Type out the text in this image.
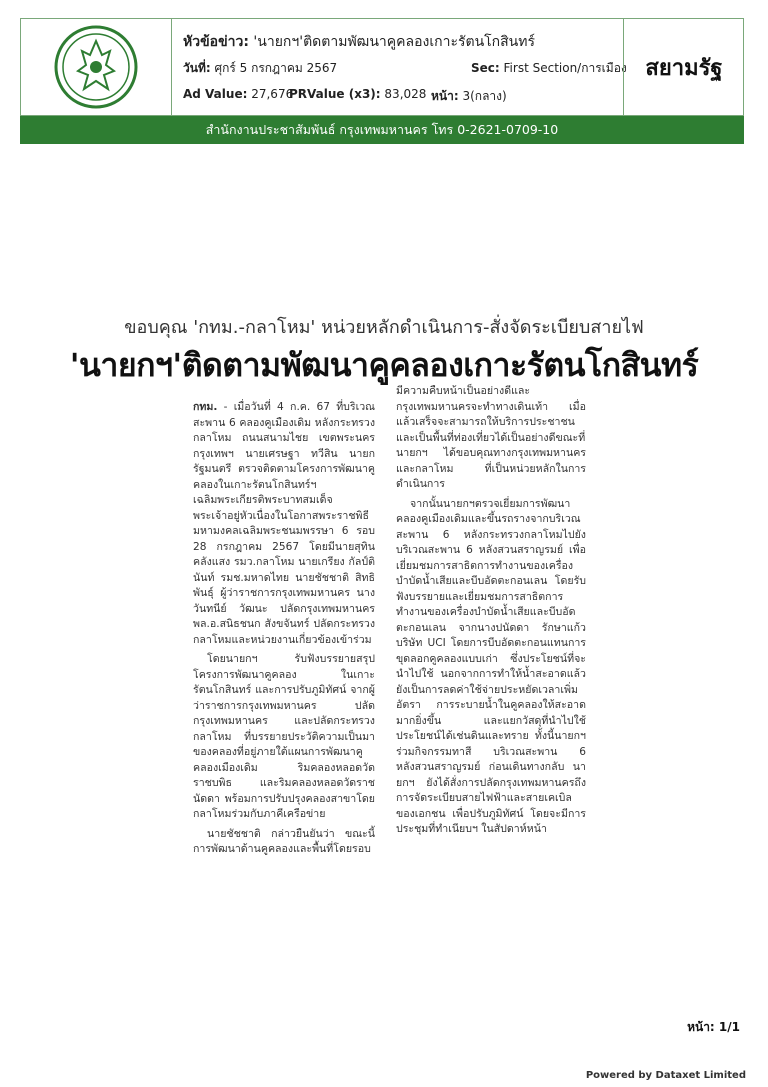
หัวข้อข่าว: 'นายกฯ'ติดตามพัฒนาคูคลองเกาะรัตนโกสินทร์
วันที่: ศุกร์ 5 กรกฎาคม 2567	Sec: First Section/การเมือง
Ad Value: 27,676
PRValue (x3): 83,028 หน้า: 3(กลาง)
สยามรัฐ
สำนักงานประชาสัมพันธ์ กรุงเทพมหานคร โทร 0-2621-0709-10
ขอบคุณ 'กทม.-กลาโหม' หน่วยหลักดำเนินการ-สั่งจัดระเบียบสายไฟ
'นายกฯ'ติดตามพัฒนาคูคลองเกาะรัตนโกสินทร์

กทม. - เมื่อวันที่ 4 ก.ค. 67 ที่บริเวณสะพาน 6 คลองคูเมืองเดิม หลังกระทรวงกลาโหม ถนนสนามไชย เขตพระนคร กรุงเทพฯ นายเศรษฐา ทวีสิน นายกรัฐมนตรี ตรวจติดตามโครงการพัฒนาคู คลองในเกาะรัตนโกสินทร์ฯ เฉลิมพระเกียรติพระบาทสมเด็จพระเจ้าอยู่หัวเนื่องในโอกาสพระราชพิธีมหามงคลเฉลิมพระชนมพรรษา 6 รอบ 28 กรกฎาคม 2567 โดยมีนายสุทิน คลังแสง รมว.กลาโหม นายเกรียง กัลป์ตินันท์ รมช.มหาดไทย นายชัชชาติ สิทธิพันธุ์ ผู้ว่าราชการกรุงเทพมหานคร นางวันทนีย์ วัฒนะ ปลัดกรุงเทพมหานคร พล.อ.สนิธชนก สังขจันทร์ ปลัดกระทรวงกลาโหมและหน่วยงานเกี่ยวข้องเข้าร่วม

โดยนายกฯ รับฟังบรรยายสรุปโครงการพัฒนาคูคลอง ในเกาะรัตนโกสินทร์ และการปรับภูมิทัศน์ จากผู้ว่าราชการกรุงเทพมหานคร ปลัดกรุงเทพมหานคร และปลัดกระทรวงกลาโหม ที่บรรยายประวัติความเป็นมาของคลองที่อยู่ภายใต้แผนการพัฒนาคูคลองเมืองเดิม ริมคลองหลอดวัดราชบพิธ และริมคลองหลอดวัดราชนัดดา พร้อมการปรับปรุงคลองสาขาโดยกลาโหมร่วมกับภาคีเครือข่าย

นายชัชชาติ กล่าวยืนยันว่า ขณะนี้การพัฒนาด้านคูคลองและพื้นที่โดยรอบ

มีความคืบหน้าเป็นอย่างดีและกรุงเทพมหานครจะทำทางเดินเท้า เมื่อแล้วเสร็จจะสามารถให้บริการประชาชนและเป็นพื้นที่ท่องเที่ยวได้เป็นอย่างดีขณะที่นายกฯ ได้ขอบคุณทางกรุงเทพมหานคร และกลาโหม ที่เป็นหน่วยหลักในการดำเนินการ

จากนั้นนายกฯตรวจเยี่ยมการพัฒนาคลองคูเมืองเดิมและขึ้นรถรางจากบริเวณสะพาน 6 หลังกระทรวงกลาโหมไปยังบริเวณสะพาน 6 หลังสวนสราญรมย์ เพื่อเยี่ยมชมการสาธิตการทำงานของเครื่องบำบัดน้ำเสียและบีบอัดตะกอนเลน โดยรับฟังบรรยายและเยี่ยมชมการสาธิตการทำงานของเครื่องบำบัดน้ำเสียและบีบอัดตะกอนเลน จากนางปนัดดา รักษาแก้ว บริษัท UCI โดยการบีบอัดตะกอนแทนการขุดลอกคูคลองแบบเก่า ซึ่งประโยชน์ที่จะนำไปใช้ นอกจากการทำให้น้ำสะอาดแล้ว ยังเป็นการลดค่าใช้จ่ายประหยัดเวลาเพิ่มอัตรา การระบายน้ำในคูคลองให้สะอาดมากยิ่งขึ้น และแยกวัสดุที่นำไปใช้ประโยชน์ได้เช่นดินและทราย ทั้งนี้นายกฯ ร่วมกิจกรรมทาสี บริเวณสะพาน 6 หลังสวนสราญรมย์ ก่อนเดินทางกลับ นายกฯ ยังได้สั่งการปลัดกรุงเทพมหานครถึงการจัดระเบียบสายไฟฟ้าและสายเคเบิลของเอกชน เพื่อปรับภูมิทัศน์ โดยจะมีการประชุมที่ทำเนียบฯ ในสัปดาห์หน้า

หน้า: 1/1
Powered by Dataxet Limited
